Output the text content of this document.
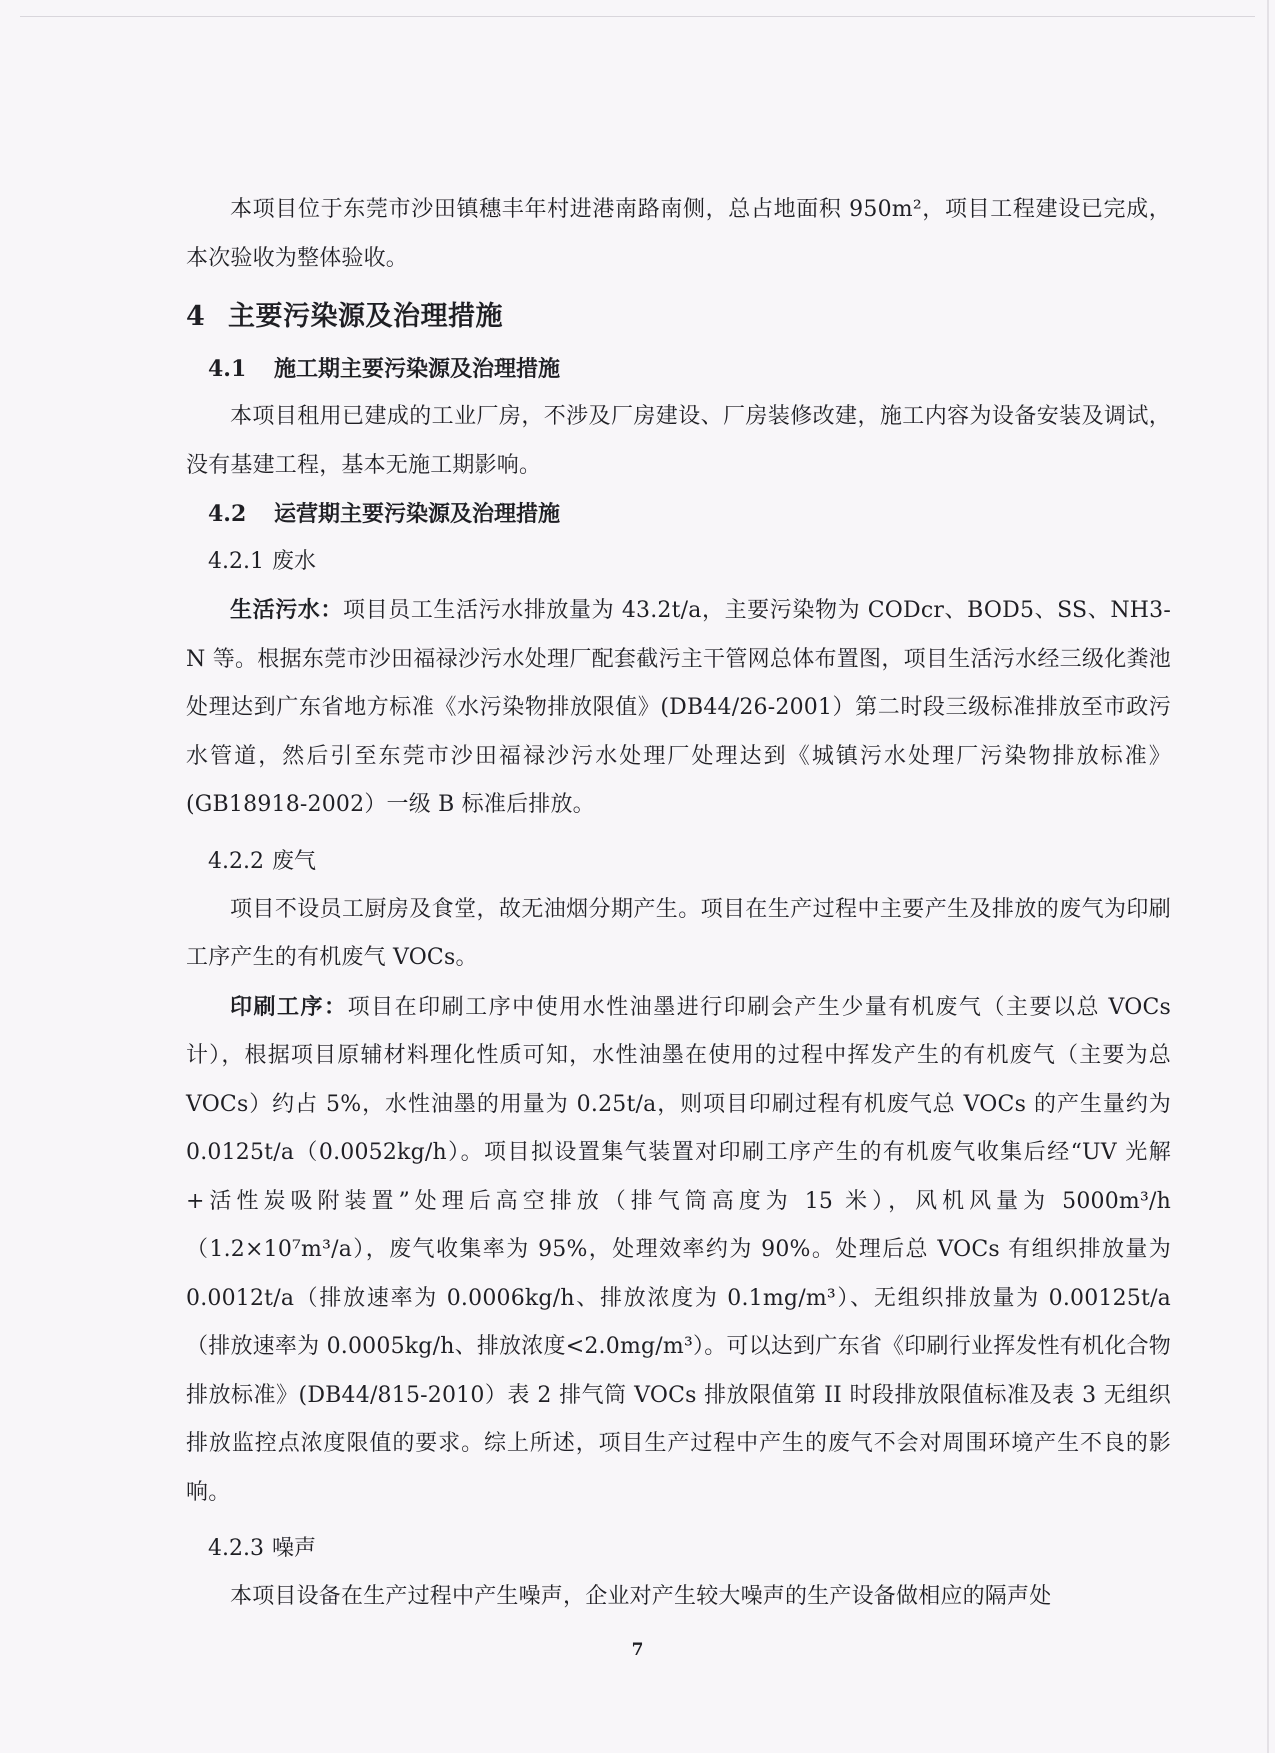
本项目位于东莞市沙田镇穗丰年村进港南路南侧，总占地面积 950m²，项目工程建设已完成，本次验收为整体验收。

4 主要污染源及治理措施
4.1 施工期主要污染源及治理措施

本项目租用已建成的工业厂房，不涉及厂房建设、厂房装修改建，施工内容为设备安装及调试，没有基建工程，基本无施工期影响。

4.2 运营期主要污染源及治理措施
4.2.1 废水

生活污水：项目员工生活污水排放量为 43.2t/a，主要污染物为 CODcr、BOD5、SS、NH3-N 等。根据东莞市沙田福禄沙污水处理厂配套截污主干管网总体布置图，项目生活污水经三级化粪池处理达到广东省地方标准《水污染物排放限值》(DB44/26-2001）第二时段三级标准排放至市政污水管道，然后引至东莞市沙田福禄沙污水处理厂处理达到《城镇污水处理厂污染物排放标准》(GB18918-2002）一级 B 标准后排放。

4.2.2 废气

项目不设员工厨房及食堂，故无油烟分期产生。项目在生产过程中主要产生及排放的废气为印刷工序产生的有机废气 VOCs。

印刷工序：项目在印刷工序中使用水性油墨进行印刷会产生少量有机废气（主要以总 VOCs 计），根据项目原辅材料理化性质可知，水性油墨在使用的过程中挥发产生的有机废气（主要为总 VOCs）约占 5%，水性油墨的用量为 0.25t/a，则项目印刷过程有机废气总 VOCs 的产生量约为 0.0125t/a（0.0052kg/h）。项目拟设置集气装置对印刷工序产生的有机废气收集后经“UV 光解+活性炭吸附装置”处理后高空排放（排气筒高度为 15 米），风机风量为 5000m³/h（1.2×10⁷m³/a），废气收集率为 95%，处理效率约为 90%。处理后总 VOCs 有组织排放量为 0.0012t/a（排放速率为 0.0006kg/h、排放浓度为 0.1mg/m³）、无组织排放量为 0.00125t/a（排放速率为 0.0005kg/h、排放浓度<2.0mg/m³）。可以达到广东省《印刷行业挥发性有机化合物排放标准》(DB44/815-2010）表 2 排气筒 VOCs 排放限值第 II 时段排放限值标准及表 3 无组织排放监控点浓度限值的要求。综上所述，项目生产过程中产生的废气不会对周围环境产生不良的影响。

4.2.3 噪声

本项目设备在生产过程中产生噪声，企业对产生较大噪声的生产设备做相应的隔声处

7
